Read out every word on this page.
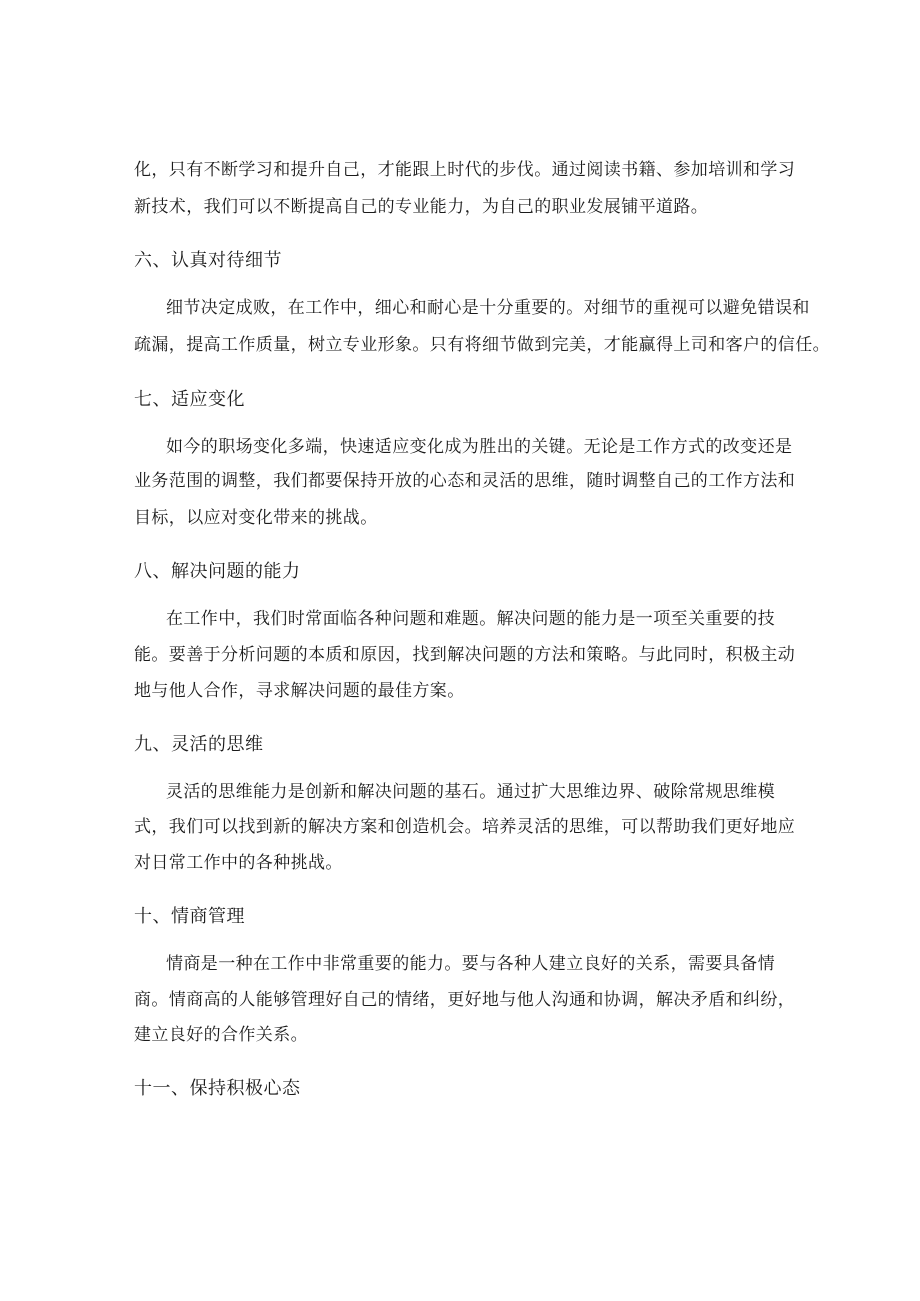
化，只有不断学习和提升自己，才能跟上时代的步伐。通过阅读书籍、参加培训和学习
新技术，我们可以不断提高自己的专业能力，为自己的职业发展铺平道路。
六、认真对待细节
细节决定成败，在工作中，细心和耐心是十分重要的。对细节的重视可以避免错误和
疏漏，提高工作质量，树立专业形象。只有将细节做到完美，才能赢得上司和客户的信任。
七、适应变化
如今的职场变化多端，快速适应变化成为胜出的关键。无论是工作方式的改变还是
业务范围的调整，我们都要保持开放的心态和灵活的思维，随时调整自己的工作方法和
目标，以应对变化带来的挑战。
八、解决问题的能力
在工作中，我们时常面临各种问题和难题。解决问题的能力是一项至关重要的技
能。要善于分析问题的本质和原因，找到解决问题的方法和策略。与此同时，积极主动
地与他人合作，寻求解决问题的最佳方案。
九、灵活的思维
灵活的思维能力是创新和解决问题的基石。通过扩大思维边界、破除常规思维模
式，我们可以找到新的解决方案和创造机会。培养灵活的思维，可以帮助我们更好地应
对日常工作中的各种挑战。
十、情商管理
情商是一种在工作中非常重要的能力。要与各种人建立良好的关系，需要具备情
商。情商高的人能够管理好自己的情绪，更好地与他人沟通和协调，解决矛盾和纠纷，
建立良好的合作关系。
十一、保持积极心态
